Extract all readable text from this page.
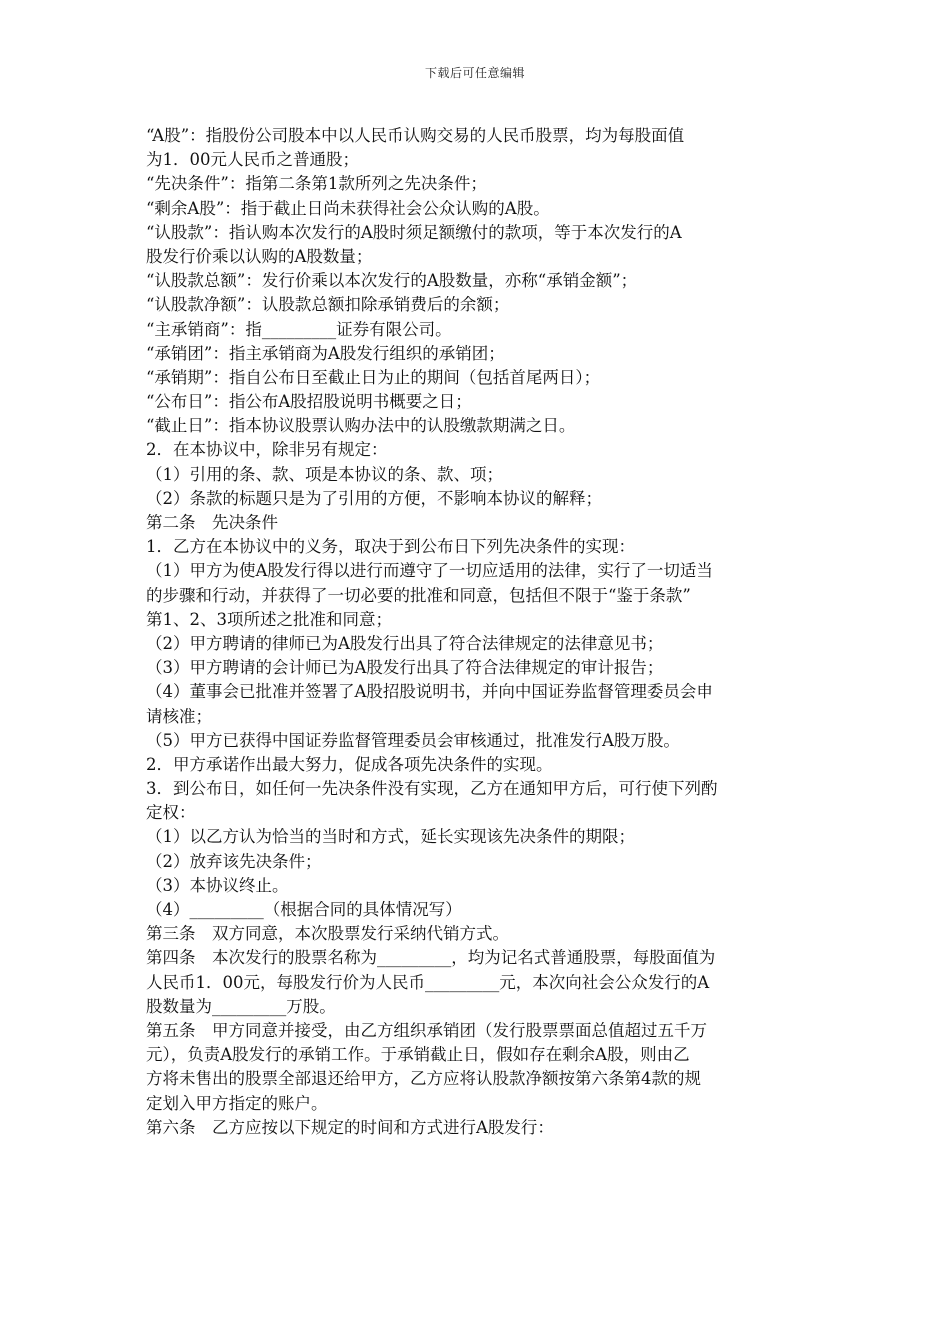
下载后可任意编辑
“A股”：指股份公司股本中以人民币认购交易的人民币股票，均为每股面值
为1．00元人民币之普通股；
“先决条件”：指第二条第1款所列之先决条件；
“剩余A股”：指于截止日尚未获得社会公众认购的A股。
“认股款”：指认购本次发行的A股时须足额缴付的款项，等于本次发行的A
股发行价乘以认购的A股数量；
“认股款总额”：发行价乘以本次发行的A股数量，亦称“承销金额”；
“认股款净额”：认股款总额扣除承销费后的余额；
“主承销商”：指_________证券有限公司。
“承销团”：指主承销商为A股发行组织的承销团；
“承销期”：指自公布日至截止日为止的期间（包括首尾两日）；
“公布日”：指公布A股招股说明书概要之日；
“截止日”：指本协议股票认购办法中的认股缴款期满之日。
2．在本协议中，除非另有规定：
（1）引用的条、款、项是本协议的条、款、项；
（2）条款的标题只是为了引用的方便，不影响本协议的解释；
第二条　先决条件
1．乙方在本协议中的义务，取决于到公布日下列先决条件的实现：
（1）甲方为使A股发行得以进行而遵守了一切应适用的法律，实行了一切适当
的步骤和行动，并获得了一切必要的批准和同意，包括但不限于“鉴于条款”
第1、2、3项所述之批准和同意；
（2）甲方聘请的律师已为A股发行出具了符合法律规定的法律意见书；
（3）甲方聘请的会计师已为A股发行出具了符合法律规定的审计报告；
（4）董事会已批准并签署了A股招股说明书，并向中国证券监督管理委员会申
请核准；
（5）甲方已获得中国证券监督管理委员会审核通过，批准发行A股万股。
2．甲方承诺作出最大努力，促成各项先决条件的实现。
3．到公布日，如任何一先决条件没有实现，乙方在通知甲方后，可行使下列酌
定权：
（1）以乙方认为恰当的当时和方式，延长实现该先决条件的期限；
（2）放弃该先决条件；
（3）本协议终止。
（4）_________（根据合同的具体情况写）
第三条　双方同意，本次股票发行采纳代销方式。
第四条　本次发行的股票名称为_________，均为记名式普通股票，每股面值为
人民币1．00元，每股发行价为人民币_________元，本次向社会公众发行的A
股数量为_________万股。
第五条　甲方同意并接受，由乙方组织承销团（发行股票票面总值超过五千万
元），负责A股发行的承销工作。于承销截止日，假如存在剩余A股，则由乙
方将未售出的股票全部退还给甲方，乙方应将认股款净额按第六条第4款的规
定划入甲方指定的账户。
第六条　乙方应按以下规定的时间和方式进行A股发行：
